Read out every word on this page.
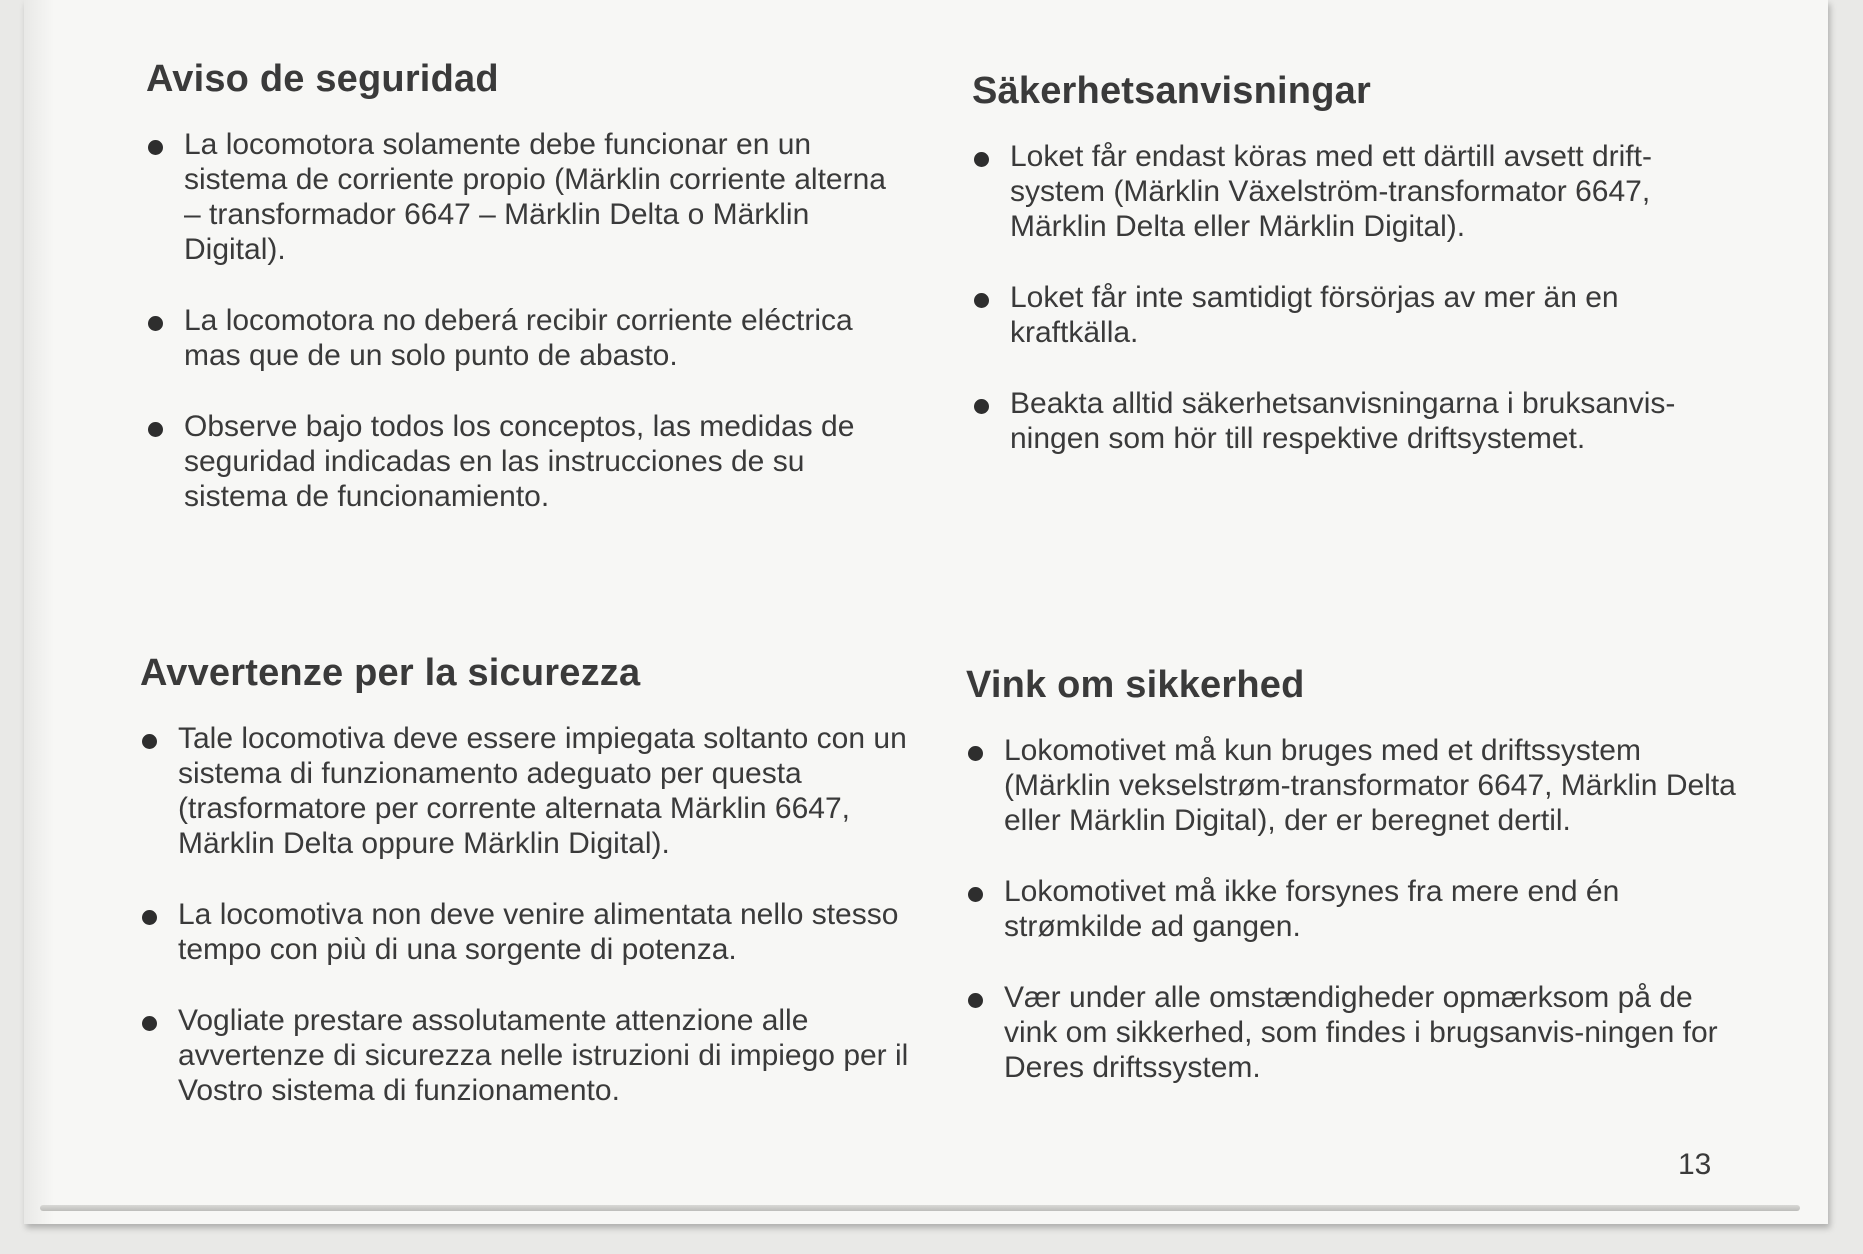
Aviso de seguridad
La locomotora solamente debe funcionar en un sistema de corriente propio (Märklin corriente alterna – transformador 6647 – Märklin Delta o Märklin Digital).
La locomotora no deberá recibir corriente eléctrica mas que de un solo punto de abasto.
Observe bajo todos los conceptos, las medidas de seguridad indicadas en las instrucciones de su sistema de funcionamiento.
Säkerhetsanvisningar
Loket får endast köras med ett därtill avsett drift-system (Märklin Växelström-transformator 6647, Märklin Delta eller Märklin Digital).
Loket får inte samtidigt försörjas av mer än en kraftkälla.
Beakta alltid säkerhetsanvisningarna i bruksanvis-ningen som hör till respektive driftsystemet.
Avvertenze per la sicurezza
Tale locomotiva deve essere impiegata soltanto con un sistema di funzionamento adeguato per questa (trasformatore per corrente alternata Märklin 6647, Märklin Delta oppure Märklin Digital).
La locomotiva non deve venire alimentata nello stesso tempo con più di una sorgente di potenza.
Vogliate prestare assolutamente attenzione alle avvertenze di sicurezza nelle istruzioni di impiego per il Vostro sistema di funzionamento.
Vink om sikkerhed
Lokomotivet må kun bruges med et driftssystem (Märklin vekselstrøm-transformator 6647, Märklin Delta eller Märklin Digital), der er beregnet dertil.
Lokomotivet må ikke forsynes fra mere end én strømkilde ad gangen.
Vær under alle omstændigheder opmærksom på de vink om sikkerhed, som findes i brugsanvis-ningen for Deres driftssystem.
13
